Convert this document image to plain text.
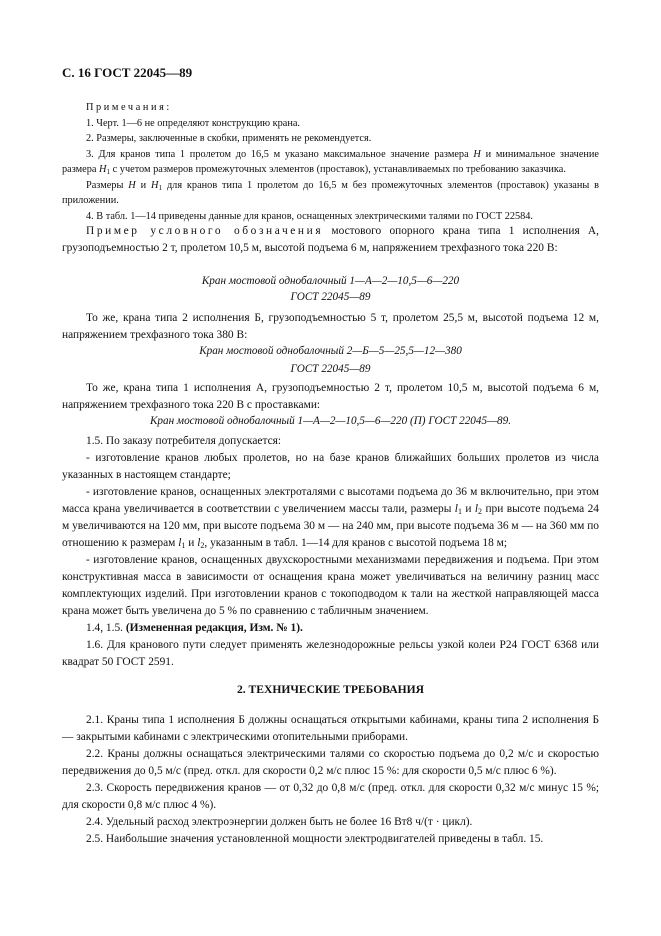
С. 16 ГОСТ 22045—89

Примечания:

1. Черт. 1—6 не определяют конструкцию крана.

2. Размеры, заключенные в скобки, применять не рекомендуется.

3. Для кранов типа 1 пролетом до 16,5 м указано максимальное значение размера H и минимальное значение размера $H_1$ с учетом размеров промежуточных элементов (проставок), устанавливаемых по требованию заказчика.

Размеры H и $H_1$ для кранов типа 1 пролетом до 16,5 м без промежуточных элементов (проставок) указаны в приложении.

4. В табл. 1—14 приведены данные для кранов, оснащенных электрическими талями по ГОСТ 22584.

Пример условного обозначения мостового опорного крана типа 1 исполнения А, грузоподъемностью 2 т, пролетом 10,5 м, высотой подъема 6 м, напряжением трехфазного тока 220 В:

Кран мостовой однобалочный 1—А—2—10,5—6—220

ГОСТ 22045—89

То же, крана типа 2 исполнения Б, грузоподъемностью 5 т, пролетом 25,5 м, высотой подъема 12 м, напряжением трехфазного тока 380 В:

Кран мостовой однобалочный 2—Б—5—25,5—12—380

ГОСТ 22045—89

То же, крана типа 1 исполнения А, грузоподъемностью 2 т, пролетом 10,5 м, высотой подъема 6 м, напряжением трехфазного тока 220 В с проставками:

Кран мостовой однобалочный 1—А—2—10,5—6—220 (П) ГОСТ 22045—89.

1.5. По заказу потребителя допускается:

- изготовление кранов любых пролетов, но на базе кранов ближайших больших пролетов из числа указанных в настоящем стандарте;

- изготовление кранов, оснащенных электроталями с высотами подъема до 36 м включительно, при этом масса крана увеличивается в соответствии с увеличением массы тали, размеры $l_1$ и $l_2$ при высоте подъема 24 м увеличиваются на 120 мм, при высоте подъема 30 м — на 240 мм, при высоте подъема 36 м — на 360 мм по отношению к размерам $l_1$ и $l_2$, указанным в табл. 1—14 для кранов с высотой подъема 18 м;

- изготовление кранов, оснащенных двухскоростными механизмами передвижения и подъема. При этом конструктивная масса в зависимости от оснащения крана может увеличиваться на величину разниц масс комплектующих изделий. При изготовлении кранов с токоподводом к тали на жесткой направляющей масса крана может быть увеличена до 5 % по сравнению с табличным значением.

1.4, 1.5. (Измененная редакция, Изм. № 1).

1.6. Для кранового пути следует применять железнодорожные рельсы узкой колеи Р24 ГОСТ 6368 или квадрат 50 ГОСТ 2591.

2. ТЕХНИЧЕСКИЕ ТРЕБОВАНИЯ

2.1. Краны типа 1 исполнения Б должны оснащаться открытыми кабинами, краны типа 2 исполнения Б — закрытыми кабинами с электрическими отопительными приборами.

2.2. Краны должны оснащаться электрическими талями со скоростью подъема до 0,2 м/с и скоростью передвижения до 0,5 м/с (пред. откл. для скорости 0,2 м/с плюс 15 %: для скорости 0,5 м/с плюс 6 %).

2.3. Скорость передвижения кранов — от 0,32 до 0,8 м/с (пред. откл. для скорости 0,32 м/с минус 15 %; для скорости 0,8 м/с плюс 4 %).

2.4. Удельный расход электроэнергии должен быть не более 16 Вт8 ч/(т · цикл).

2.5. Наибольшие значения установленной мощности электродвигателей приведены в табл. 15.
